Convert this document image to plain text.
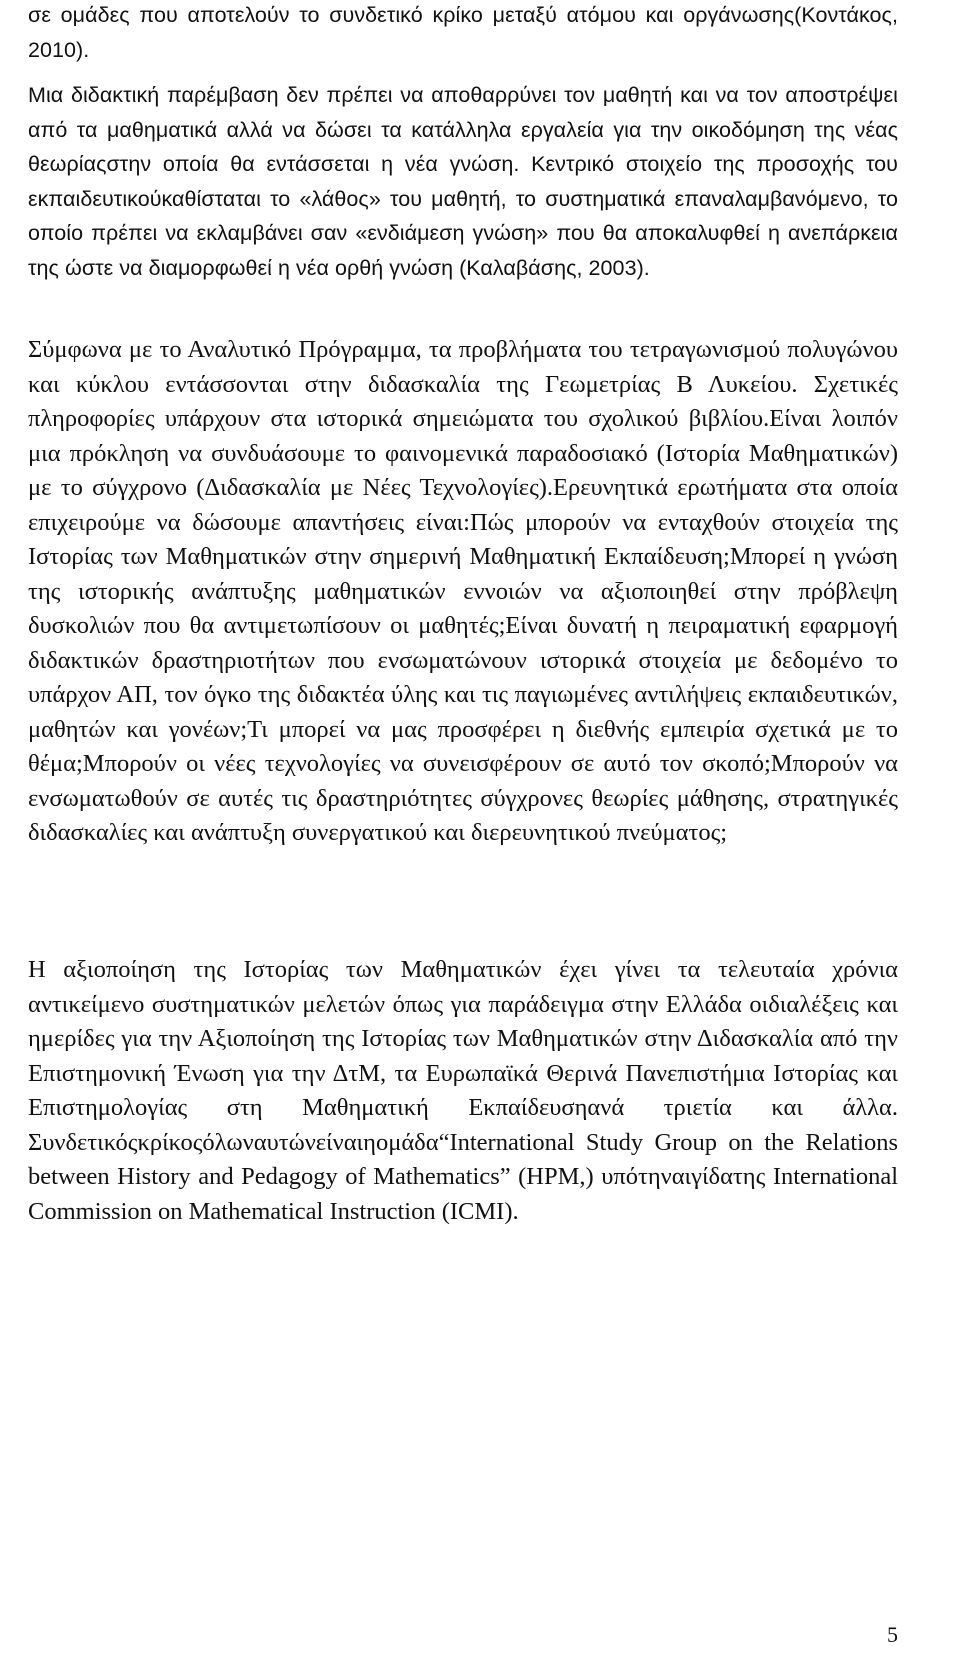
σε ομάδες που αποτελούν το συνδετικό κρίκο μεταξύ ατόμου και οργάνωσης(Κοντάκος, 2010).

Μια διδακτική παρέμβαση δεν πρέπει να αποθαρρύνει τον μαθητή και να τον αποστρέψει από τα μαθηματικά αλλά να δώσει τα κατάλληλα εργαλεία για την οικοδόμηση της νέας θεωρίαςστην οποία θα εντάσσεται η νέα γνώση. Κεντρικό στοιχείο της προσοχής του εκπαιδευτικούκαθίσταται το «λάθος» του μαθητή, το συστηματικά επαναλαμβανόμενο, το οποίο πρέπει να εκλαμβάνει σαν «ενδιάμεση γνώση» που θα αποκαλυφθεί η ανεπάρκεια της ώστε να διαμορφωθεί η νέα ορθή γνώση (Καλαβάσης, 2003).

Σύμφωνα με το Αναλυτικό Πρόγραμμα, τα προβλήματα του τετραγωνισμού πολυγώνου και κύκλου εντάσσονται στην διδασκαλία της Γεωμετρίας Β Λυκείου. Σχετικές πληροφορίες υπάρχουν στα ιστορικά σημειώματα του σχολικού βιβλίου.Είναι λοιπόν μια πρόκληση να συνδυάσουμε το φαινομενικά παραδοσιακό (Ιστορία Μαθηματικών) με το σύγχρονο (Διδασκαλία με Νέες Τεχνολογίες).Ερευνητικά ερωτήματα στα οποία επιχειρούμε να δώσουμε απαντήσεις είναι:Πώς μπορούν να ενταχθούν στοιχεία της Ιστορίας των Μαθηματικών στην σημερινή Μαθηματική Εκπαίδευση;Μπορεί η γνώση της ιστορικής ανάπτυξης μαθηματικών εννοιών να αξιοποιηθεί στην πρόβλεψη δυσκολιών που θα αντιμετωπίσουν οι μαθητές;Είναι δυνατή η πειραματική εφαρμογή διδακτικών δραστηριοτήτων που ενσωματώνουν ιστορικά στοιχεία με δεδομένο το υπάρχον ΑΠ, τον όγκο της διδακτέα ύλης και τις παγιωμένες αντιλήψεις εκπαιδευτικών, μαθητών και γονέων;Τι μπορεί να μας προσφέρει η διεθνής εμπειρία σχετικά με το θέμα;Μπορούν οι νέες τεχνολογίες να συνεισφέρουν σε αυτό τον σκοπό;Μπορούν να ενσωματωθούν σε αυτές τις δραστηριότητες σύγχρονες θεωρίες μάθησης, στρατηγικές διδασκαλίες και ανάπτυξη συνεργατικού και διερευνητικού πνεύματος;

Η αξιοποίηση της Ιστορίας των Μαθηματικών έχει γίνει τα τελευταία χρόνια αντικείμενο συστηματικών μελετών όπως για παράδειγμα στην Ελλάδα οιδιαλέξεις και ημερίδες για την Αξιοποίηση της Ιστορίας των Μαθηματικών στην Διδασκαλία από την Επιστημονική Ένωση για την ΔτΜ, τα Ευρωπαϊκά Θερινά Πανεπιστήμια Ιστορίας και Επιστημολογίας στη Μαθηματική Εκπαίδευσηανά τριετία και άλλα. Συνδετικόςκρίκοςόλωναυτώνείναιηομάδα“International Study Group on the Relations between History and Pedagogy of Mathematics” (HPM,) υπότηναιγίδατης International Commission on Mathematical Instruction (ICMI).

5
